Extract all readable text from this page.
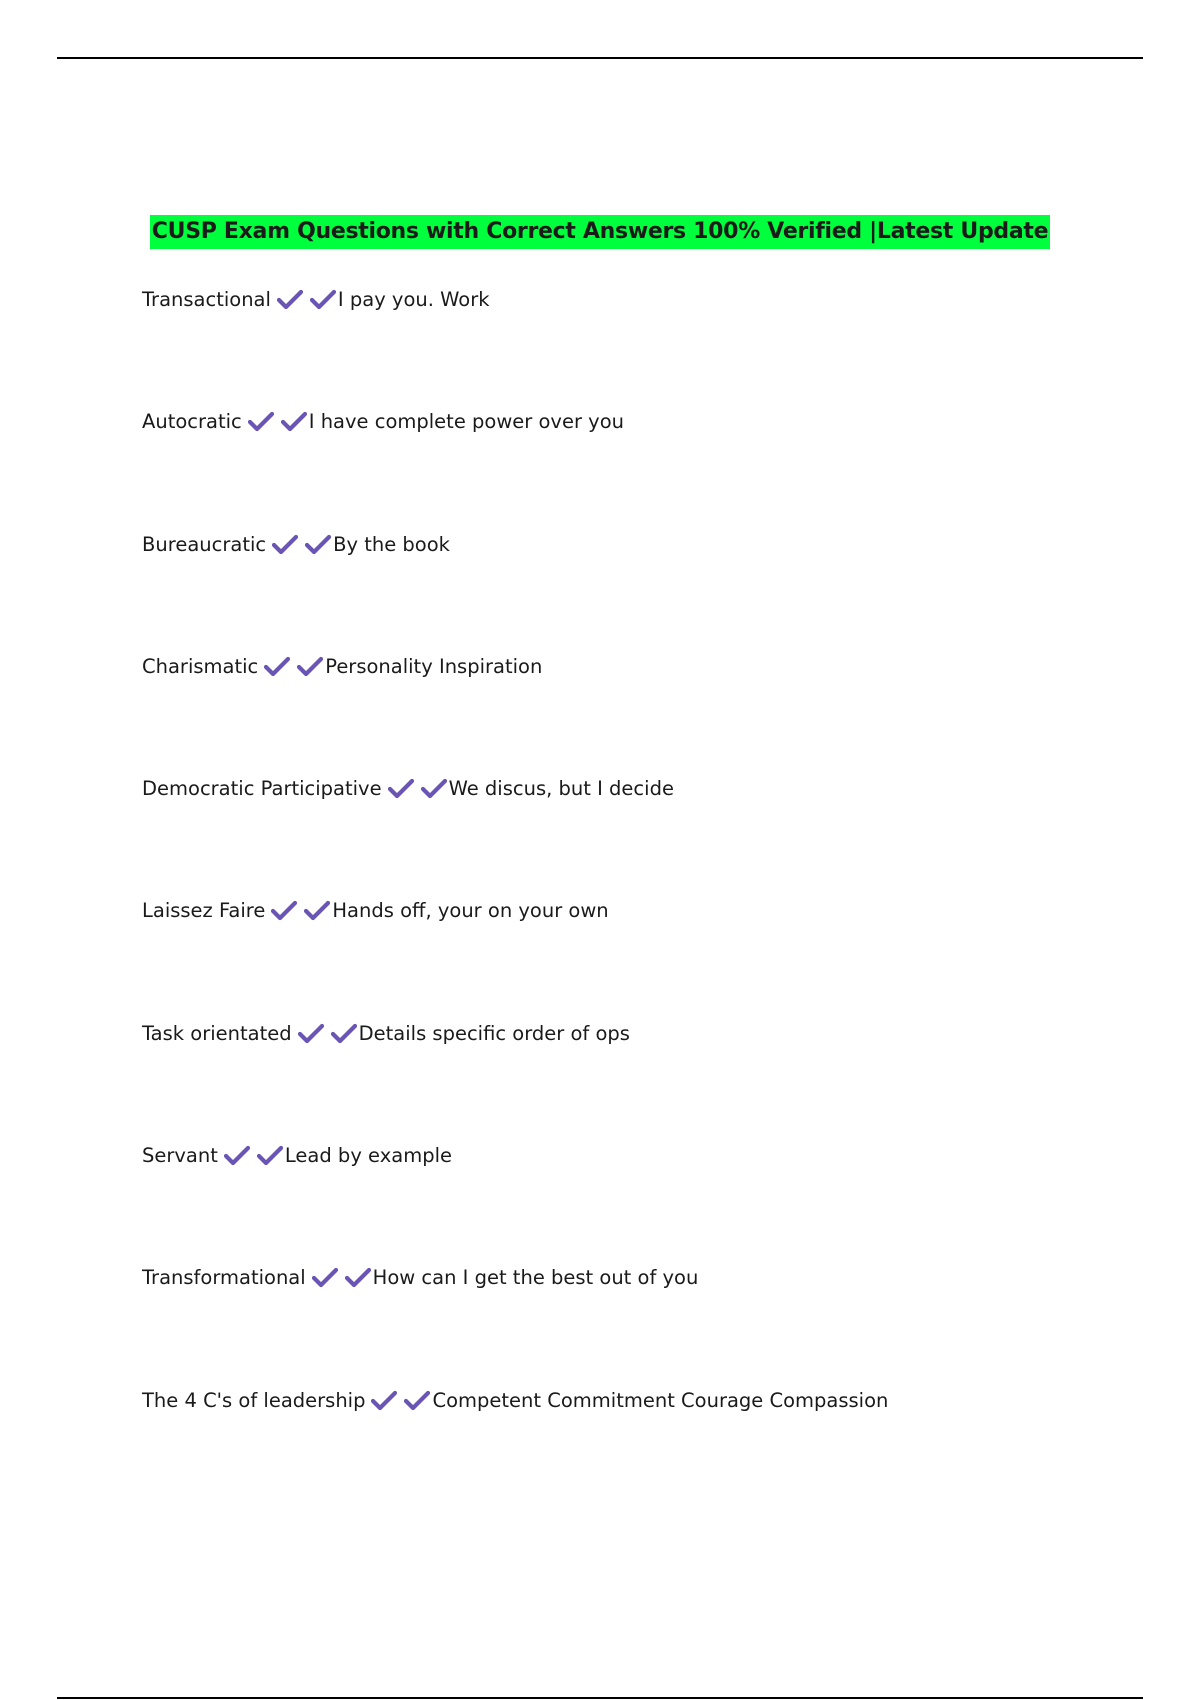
CUSP Exam Questions with Correct Answers 100% Verified |Latest Update
Transactional	I pay you. Work
Autocratic	I have complete power over you
Bureaucratic	By the book
Charismatic	Personality Inspiration
Democratic Participative	We discus, but I decide
Laissez Faire	Hands off, your on your own
Task orientated	Details specific order of ops
Servant	Lead by example
Transformational	How can I get the best out of you
The 4 C's of leadership	Competent Commitment Courage Compassion
